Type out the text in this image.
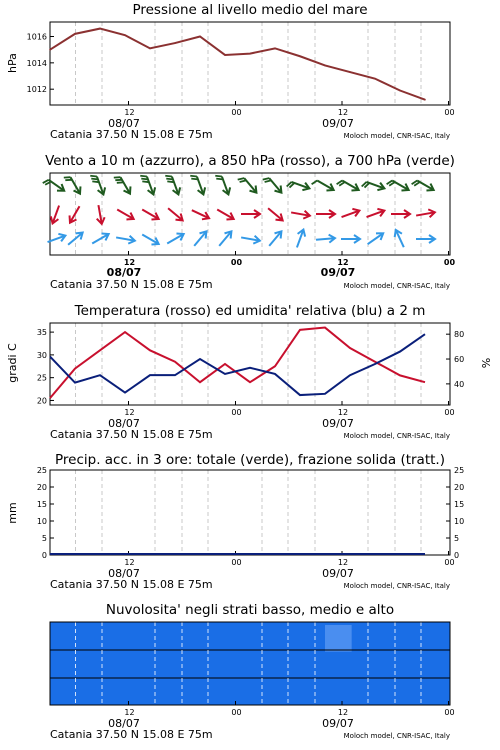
Pressione al livello medio del mare
12	00	12	00
08/07	09/07
Catania 37.50 N 15.08 E 75m	Moloch model, CNR-ISAC, Italy
Vento a 10 m (azzurro), a 850 hPa (rosso), a 700 hPa (verde)
12	00	12	00
08/07	09/07
Catania 37.50 N 15.08 E 75m	Moloch model, CNR-ISAC, Italy
Temperatura (rosso) ed umidita' relativa (blu) a 2 m
12	00	12	00
08/07	09/07
Catania 37.50 N 15.08 E 75m	Moloch model, CNR-ISAC, Italy
Precip. acc. in 3 ore: totale (verde), frazione solida (tratt.)
12	00	12	00
08/07	09/07
Catania 37.50 N 15.08 E 75m	Moloch model, CNR-ISAC, Italy
Nuvolosita' negli strati basso, medio e alto
12	00	12	00
08/07	09/07
Catania 37.50 N 15.08 E 75m	Moloch model, CNR-ISAC, Italy
1012
1014
1016
hPa
20
25
30
35
40
60
80
gradi C	%
0	0
5	5
10	10
15	15
20	20
25	25
mm
